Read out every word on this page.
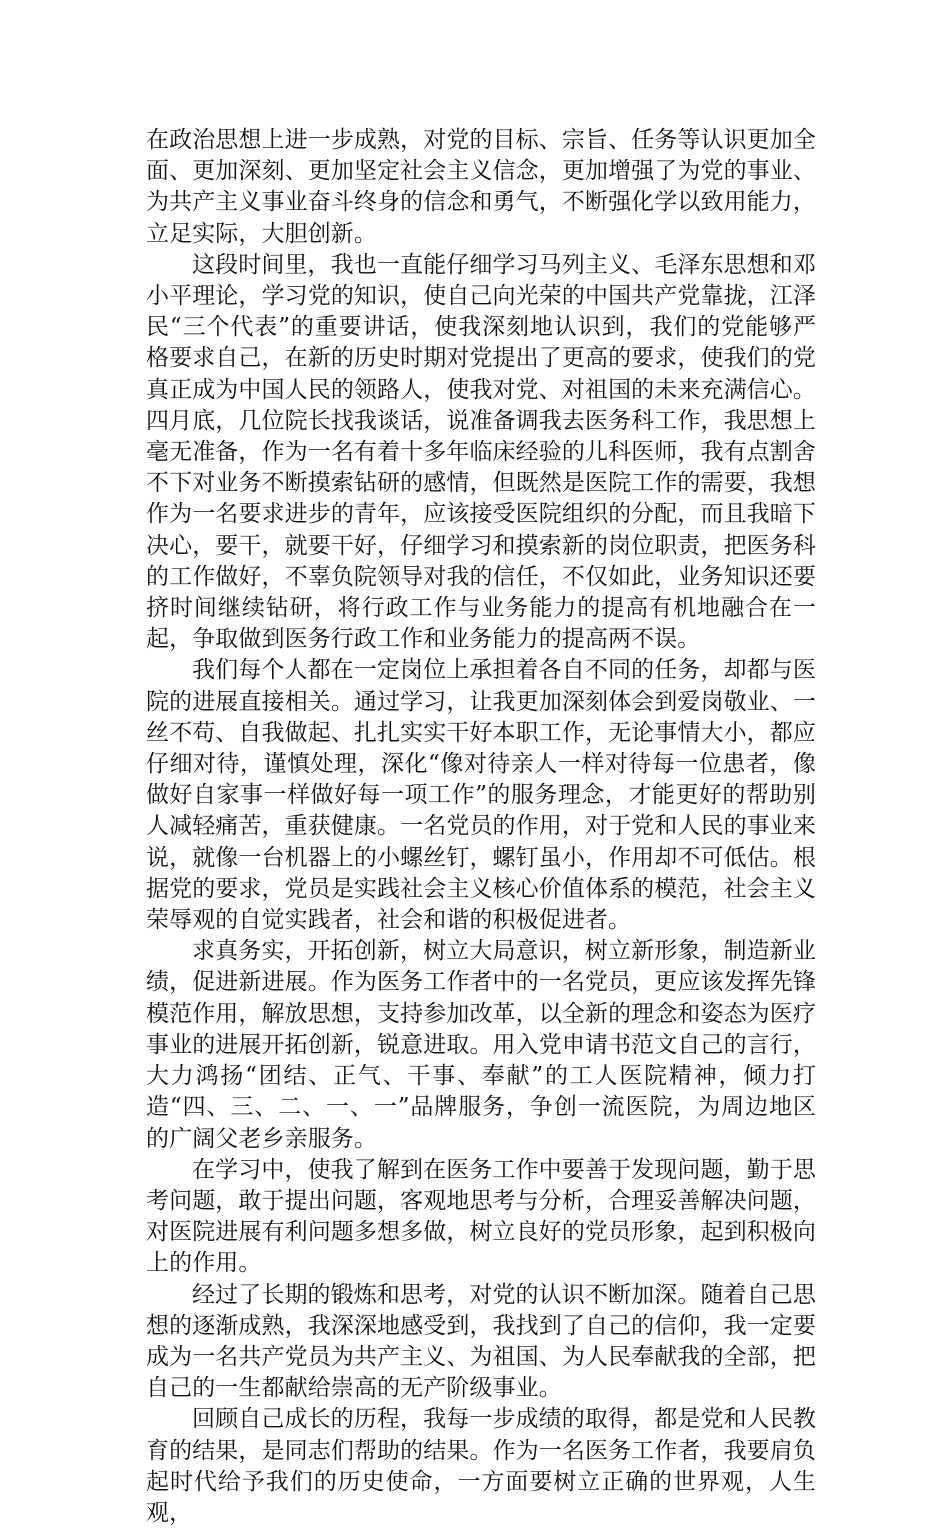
在政治思想上进一步成熟，对党的目标、宗旨、任务等认识更加全面、更加深刻、更加坚定社会主义信念，更加增强了为党的事业、为共产主义事业奋斗终身的信念和勇气，不断强化学以致用能力，立足实际，大胆创新。

这段时间里，我也一直能仔细学习马列主义、毛泽东思想和邓小平理论，学习党的知识，使自己向光荣的中国共产党靠拢，江泽民“三个代表”的重要讲话，使我深刻地认识到，我们的党能够严格要求自己，在新的历史时期对党提出了更高的要求，使我们的党真正成为中国人民的领路人，使我对党、对祖国的未来充满信心。四月底，几位院长找我谈话，说准备调我去医务科工作，我思想上毫无准备，作为一名有着十多年临床经验的儿科医师，我有点割舍不下对业务不断摸索钻研的感情，但既然是医院工作的需要，我想作为一名要求进步的青年，应该接受医院组织的分配，而且我暗下决心，要干，就要干好，仔细学习和摸索新的岗位职责，把医务科的工作做好，不辜负院领导对我的信任，不仅如此，业务知识还要挤时间继续钻研，将行政工作与业务能力的提高有机地融合在一起，争取做到医务行政工作和业务能力的提高两不误。

我们每个人都在一定岗位上承担着各自不同的任务，却都与医院的进展直接相关。通过学习，让我更加深刻体会到爱岗敬业、一丝不苟、自我做起、扎扎实实干好本职工作，无论事情大小，都应仔细对待，谨慎处理，深化“像对待亲人一样对待每一位患者，像做好自家事一样做好每一项工作”的服务理念，才能更好的帮助别人减轻痛苦，重获健康。一名党员的作用，对于党和人民的事业来说，就像一台机器上的小螺丝钉，螺钉虽小，作用却不可低估。根据党的要求，党员是实践社会主义核心价值体系的模范，社会主义荣辱观的自觉实践者，社会和谐的积极促进者。

求真务实，开拓创新，树立大局意识，树立新形象，制造新业绩，促进新进展。作为医务工作者中的一名党员，更应该发挥先锋模范作用，解放思想，支持参加改革，以全新的理念和姿态为医疗事业的进展开拓创新，锐意进取。用入党申请书范文自己的言行，大力鸿扬“团结、正气、干事、奉献”的工人医院精神，倾力打造“四、三、二、一、一”品牌服务，争创一流医院，为周边地区的广阔父老乡亲服务。

在学习中，使我了解到在医务工作中要善于发现问题，勤于思考问题，敢于提出问题，客观地思考与分析，合理妥善解决问题，对医院进展有利问题多想多做，树立良好的党员形象，起到积极向上的作用。

经过了长期的锻炼和思考，对党的认识不断加深。随着自己思想的逐渐成熟，我深深地感受到，我找到了自己的信仰，我一定要成为一名共产党员为共产主义、为祖国、为人民奉献我的全部，把自己的一生都献给崇高的无产阶级事业。

回顾自己成长的历程，我每一步成绩的取得，都是党和人民教育的结果，是同志们帮助的结果。作为一名医务工作者，我要肩负起时代给予我们的历史使命，一方面要树立正确的世界观，人生观，
